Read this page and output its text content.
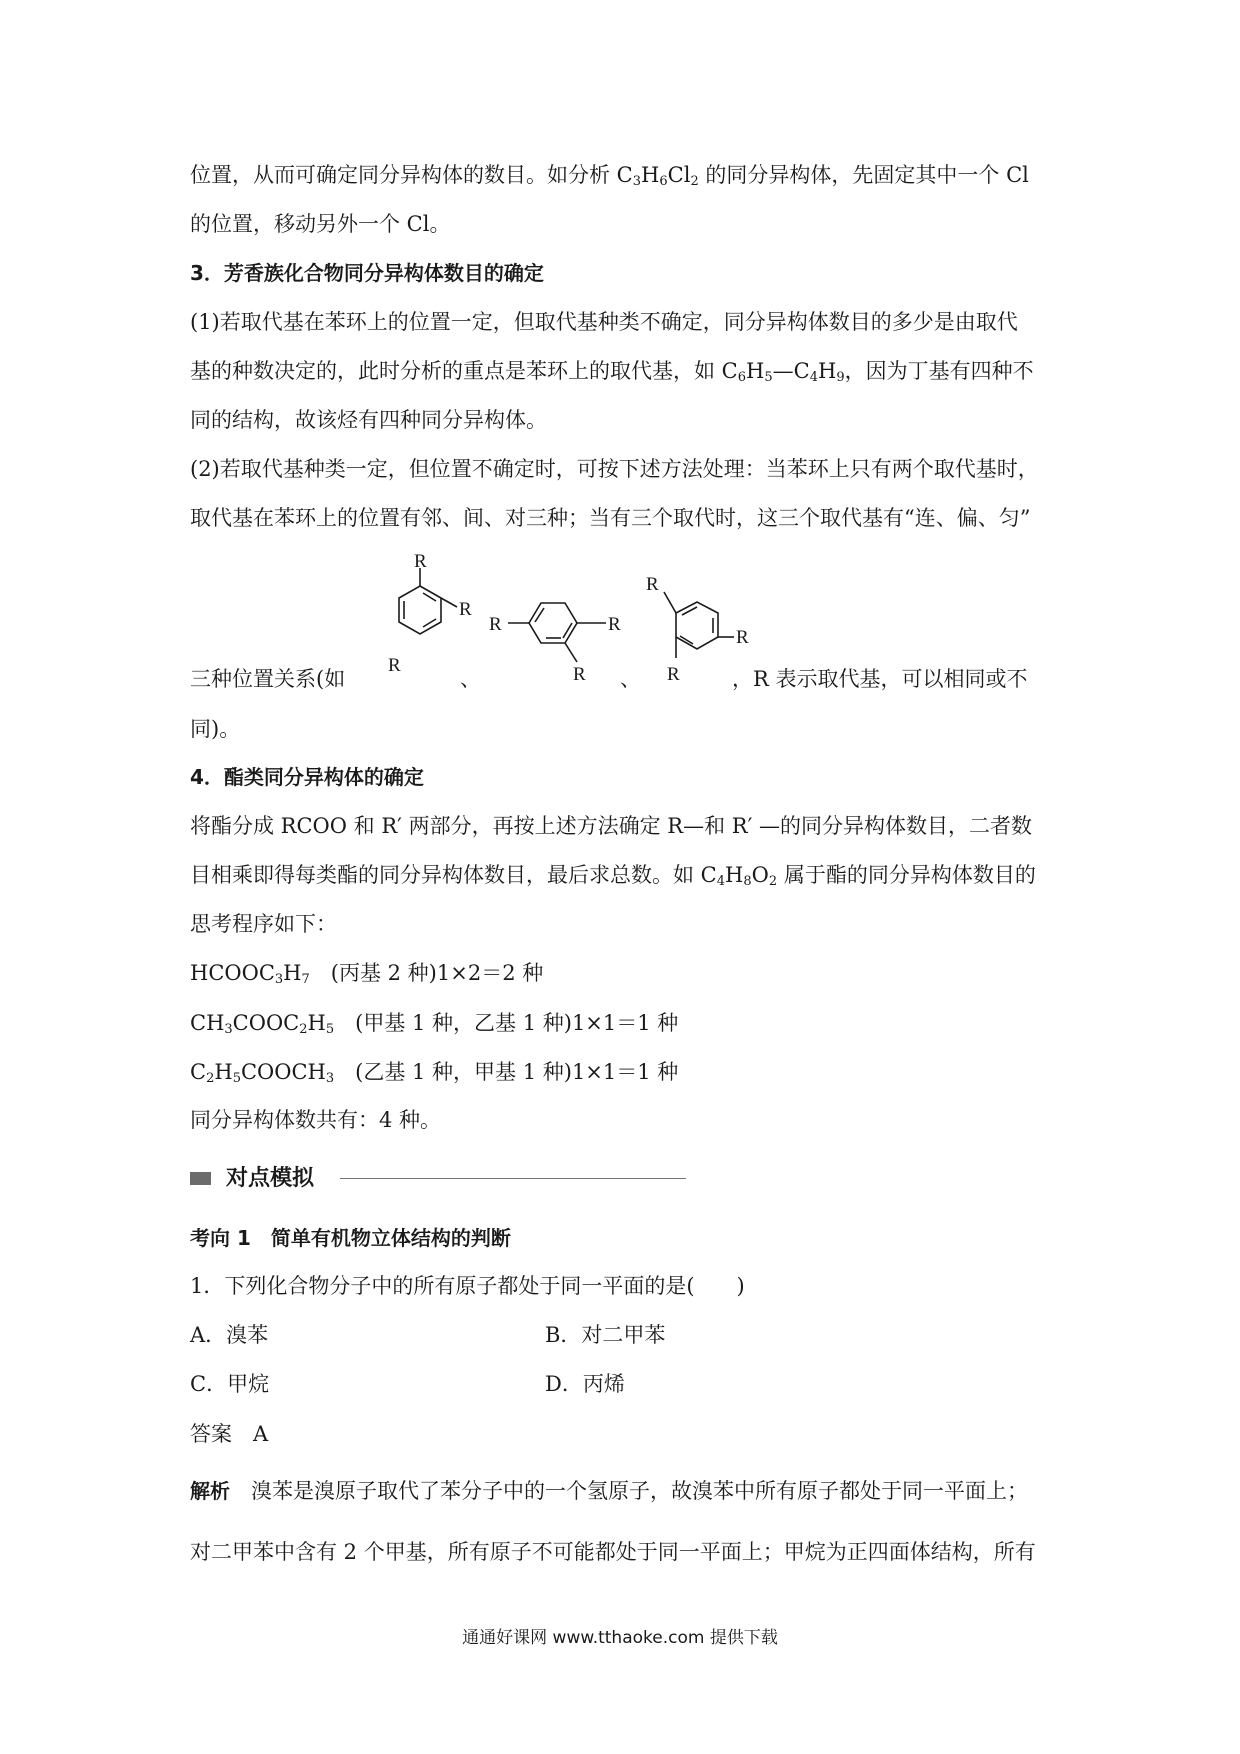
位置，从而可确定同分异构体的数目。如分析 $C_3H_6Cl_2$ 的同分异构体，先固定其中一个 Cl
的位置，移动另外一个 Cl。
3．芳香族化合物同分异构体数目的确定
(1)若取代基在苯环上的位置一定，但取代基种类不确定，同分异构体数目的多少是由取代
基的种数决定的，此时分析的重点是苯环上的取代基，如 $C_6H_5—C_4H_9$，因为丁基有四种不
同的结构，故该烃有四种同分异构体。
(2)若取代基种类一定，但位置不确定时，可按下述方法处理：当苯环上只有两个取代基时，
取代基在苯环上的位置有邻、间、对三种；当有三个取代时，这三个取代基有“连、偏、匀”
R
R
R
R	R
R
R
R
R
三种位置关系(如	、	、	，R 表示取代基，可以相同或不
同)。
4．酯类同分异构体的确定
将酯分成 RCOO 和 R′ 两部分，再按上述方法确定 R—和 R′ —的同分异构体数目，二者数
目相乘即得每类酯的同分异构体数目，最后求总数。如 $C_4H_8O_2$ 属于酯的同分异构体数目的
思考程序如下：
$HCOOC_3H_7$　(丙基 2 种)1×2＝2 种
$CH_3COOC_2H_5$　(甲基 1 种，乙基 1 种)1×1＝1 种
$C_2H_5COOCH_3$　(乙基 1 种，甲基 1 种)1×1＝1 种
同分异构体数共有：4 种。
对点模拟
考向 1　简单有机物立体结构的判断
1．下列化合物分子中的所有原子都处于同一平面的是(　　)
A．溴苯	B．对二甲苯
C．甲烷	D．丙烯
答案　A
解析　溴苯是溴原子取代了苯分子中的一个氢原子，故溴苯中所有原子都处于同一平面上；
对二甲苯中含有 2 个甲基，所有原子不可能都处于同一平面上；甲烷为正四面体结构，所有
通通好课网 www.tthaoke.com 提供下载
